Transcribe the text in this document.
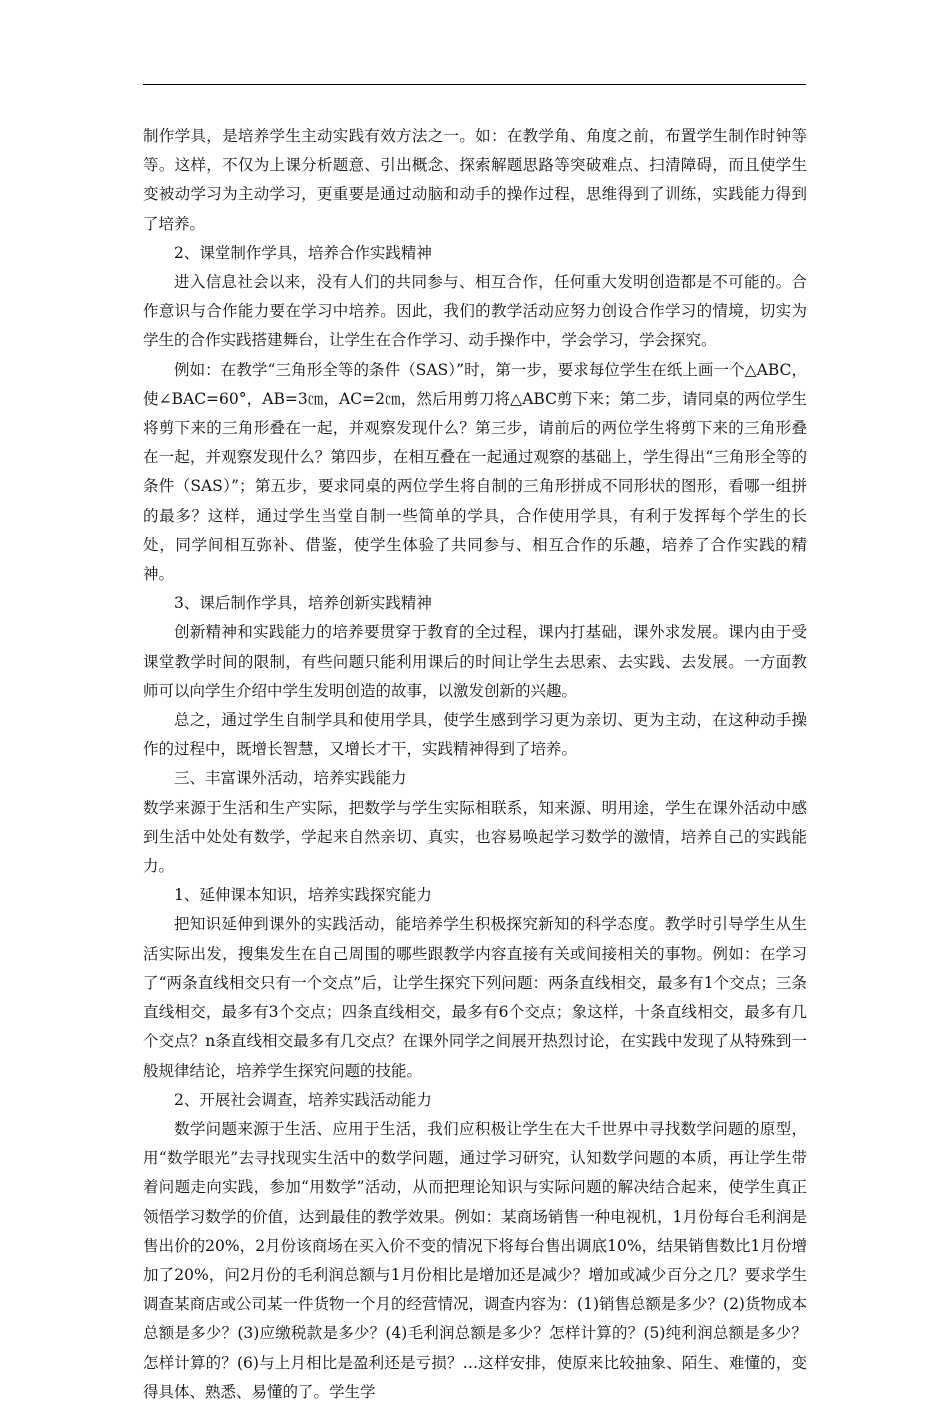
制作学具，是培养学生主动实践有效方法之一。如：在教学角、角度之前，布置学生制作时钟等等。这样，不仅为上课分析题意、引出概念、探索解题思路等突破难点、扫清障碍，而且使学生变被动学习为主动学习，更重要是通过动脑和动手的操作过程，思维得到了训练，实践能力得到了培养。

2、课堂制作学具，培养合作实践精神

进入信息社会以来，没有人们的共同参与、相互合作，任何重大发明创造都是不可能的。合作意识与合作能力要在学习中培养。因此，我们的教学活动应努力创设合作学习的情境，切实为学生的合作实践搭建舞台，让学生在合作学习、动手操作中，学会学习，学会探究。

例如：在教学“三角形全等的条件（SAS）”时，第一步，要求每位学生在纸上画一个△ABC，使∠BAC=60°，AB=3㎝，AC=2㎝，然后用剪刀将△ABC剪下来；第二步，请同桌的两位学生将剪下来的三角形叠在一起，并观察发现什么？第三步，请前后的两位学生将剪下来的三角形叠在一起，并观察发现什么？第四步，在相互叠在一起通过观察的基础上，学生得出“三角形全等的条件（SAS）”；第五步，要求同桌的两位学生将自制的三角形拼成不同形状的图形，看哪一组拼的最多？这样，通过学生当堂自制一些简单的学具，合作使用学具，有利于发挥每个学生的长处，同学间相互弥补、借鉴，使学生体验了共同参与、相互合作的乐趣，培养了合作实践的精神。

3、课后制作学具，培养创新实践精神

创新精神和实践能力的培养要贯穿于教育的全过程，课内打基础，课外求发展。课内由于受课堂教学时间的限制，有些问题只能利用课后的时间让学生去思索、去实践、去发展。一方面教师可以向学生介绍中学生发明创造的故事，以激发创新的兴趣。

总之，通过学生自制学具和使用学具，使学生感到学习更为亲切、更为主动，在这种动手操作的过程中，既增长智慧，又增长才干，实践精神得到了培养。

三、丰富课外活动，培养实践能力

数学来源于生活和生产实际，把数学与学生实际相联系，知来源、明用途，学生在课外活动中感到生活中处处有数学，学起来自然亲切、真实，也容易唤起学习数学的激情，培养自己的实践能力。

1、延伸课本知识，培养实践探究能力

把知识延伸到课外的实践活动，能培养学生积极探究新知的科学态度。教学时引导学生从生活实际出发，搜集发生在自己周围的哪些跟教学内容直接有关或间接相关的事物。例如：在学习了“两条直线相交只有一个交点”后，让学生探究下列问题：两条直线相交，最多有1个交点；三条直线相交，最多有3个交点；四条直线相交，最多有6个交点；象这样，十条直线相交，最多有几个交点？n条直线相交最多有几交点？在课外同学之间展开热烈讨论，在实践中发现了从特殊到一般规律结论，培养学生探究问题的技能。

2、开展社会调查，培养实践活动能力

数学问题来源于生活、应用于生活，我们应积极让学生在大千世界中寻找数学问题的原型，用“数学眼光”去寻找现实生活中的数学问题，通过学习研究，认知数学问题的本质，再让学生带着问题走向实践，参加“用数学”活动，从而把理论知识与实际问题的解决结合起来，使学生真正领悟学习数学的价值，达到最佳的教学效果。例如：某商场销售一种电视机，1月份每台毛利润是售出价的20%，2月份该商场在买入价不变的情况下将每台售出调底10%，结果销售数比1月份增加了20%，问2月份的毛利润总额与1月份相比是增加还是减少？增加或减少百分之几？要求学生调查某商店或公司某一件货物一个月的经营情况，调查内容为：(1)销售总额是多少？(2)货物成本总额是多少？(3)应缴税款是多少？(4)毛利润总额是多少？怎样计算的？(5)纯利润总额是多少？怎样计算的？(6)与上月相比是盈利还是亏损？…这样安排，使原来比较抽象、陌生、难懂的，变得具体、熟悉、易懂的了。学生学
